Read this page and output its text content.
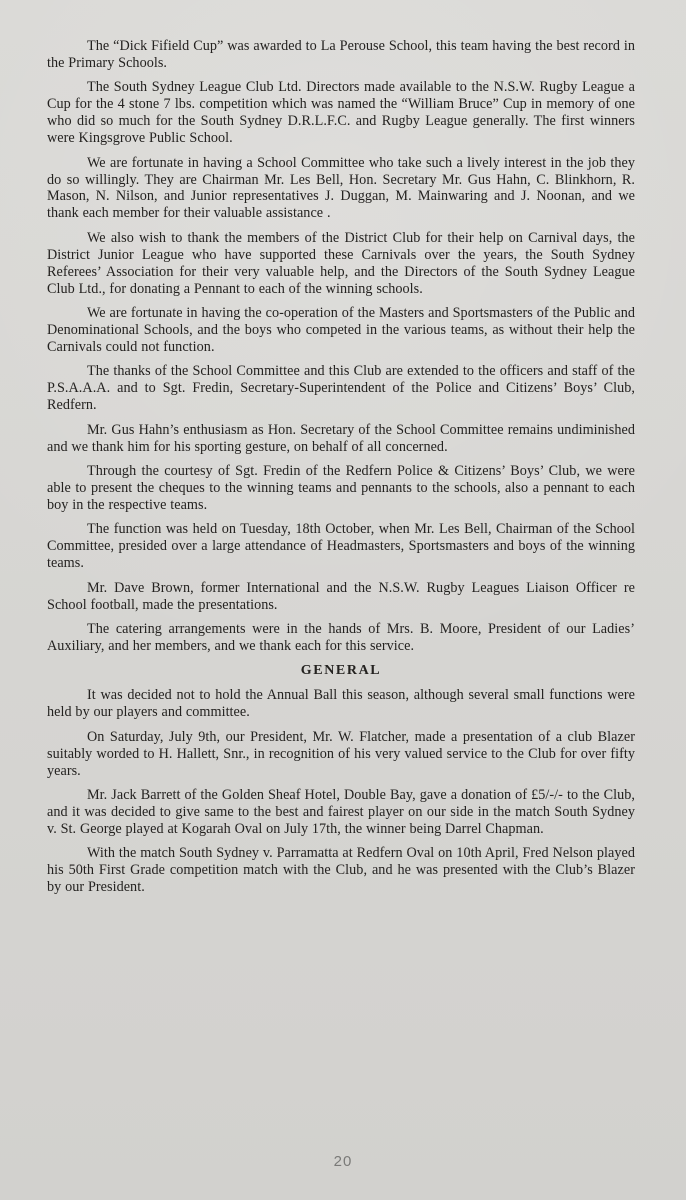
The “Dick Fifield Cup” was awarded to La Perouse School, this team having the best record in the Primary Schools.

The South Sydney League Club Ltd. Directors made available to the N.S.W. Rugby League a Cup for the 4 stone 7 lbs. competition which was named the “William Bruce” Cup in memory of one who did so much for the South Sydney D.R.L.F.C. and Rugby League generally. The first winners were Kingsgrove Public School.

We are fortunate in having a School Committee who take such a lively interest in the job they do so willingly. They are Chairman Mr. Les Bell, Hon. Secretary Mr. Gus Hahn, C. Blinkhorn, R. Mason, N. Nilson, and Junior representatives J. Duggan, M. Mainwaring and J. Noonan, and we thank each member for their valuable assistance .

We also wish to thank the members of the District Club for their help on Carnival days, the District Junior League who have supported these Carnivals over the years, the South Sydney Referees’ Association for their very valuable help, and the Directors of the South Sydney League Club Ltd., for donating a Pennant to each of the winning schools.

We are fortunate in having the co-operation of the Masters and Sportsmasters of the Public and Denominational Schools, and the boys who competed in the various teams, as without their help the Carnivals could not function.

The thanks of the School Committee and this Club are extended to the officers and staff of the P.S.A.A.A. and to Sgt. Fredin, Secretary-Superintendent of the Police and Citizens’ Boys’ Club, Redfern.

Mr. Gus Hahn’s enthusiasm as Hon. Secretary of the School Committee remains undiminished and we thank him for his sporting gesture, on behalf of all concerned.

Through the courtesy of Sgt. Fredin of the Redfern Police & Citizens’ Boys’ Club, we were able to present the cheques to the winning teams and pennants to the schools, also a pennant to each boy in the respective teams.

The function was held on Tuesday, 18th October, when Mr. Les Bell, Chairman of the School Committee, presided over a large attendance of Headmasters, Sportsmasters and boys of the winning teams.

Mr. Dave Brown, former International and the N.S.W. Rugby Leagues Liaison Officer re School football, made the presentations.

The catering arrangements were in the hands of Mrs. B. Moore, President of our Ladies’ Auxiliary, and her members, and we thank each for this service.

GENERAL

It was decided not to hold the Annual Ball this season, although several small functions were held by our players and committee.

On Saturday, July 9th, our President, Mr. W. Flatcher, made a presentation of a club Blazer suitably worded to H. Hallett, Snr., in recognition of his very valued service to the Club for over fifty years.

Mr. Jack Barrett of the Golden Sheaf Hotel, Double Bay, gave a donation of £5/-/- to the Club, and it was decided to give same to the best and fairest player on our side in the match South Sydney v. St. George played at Kogarah Oval on July 17th, the winner being Darrel Chapman.

With the match South Sydney v. Parramatta at Redfern Oval on 10th April, Fred Nelson played his 50th First Grade competition match with the Club, and he was presented with the Club’s Blazer by our President.

20
